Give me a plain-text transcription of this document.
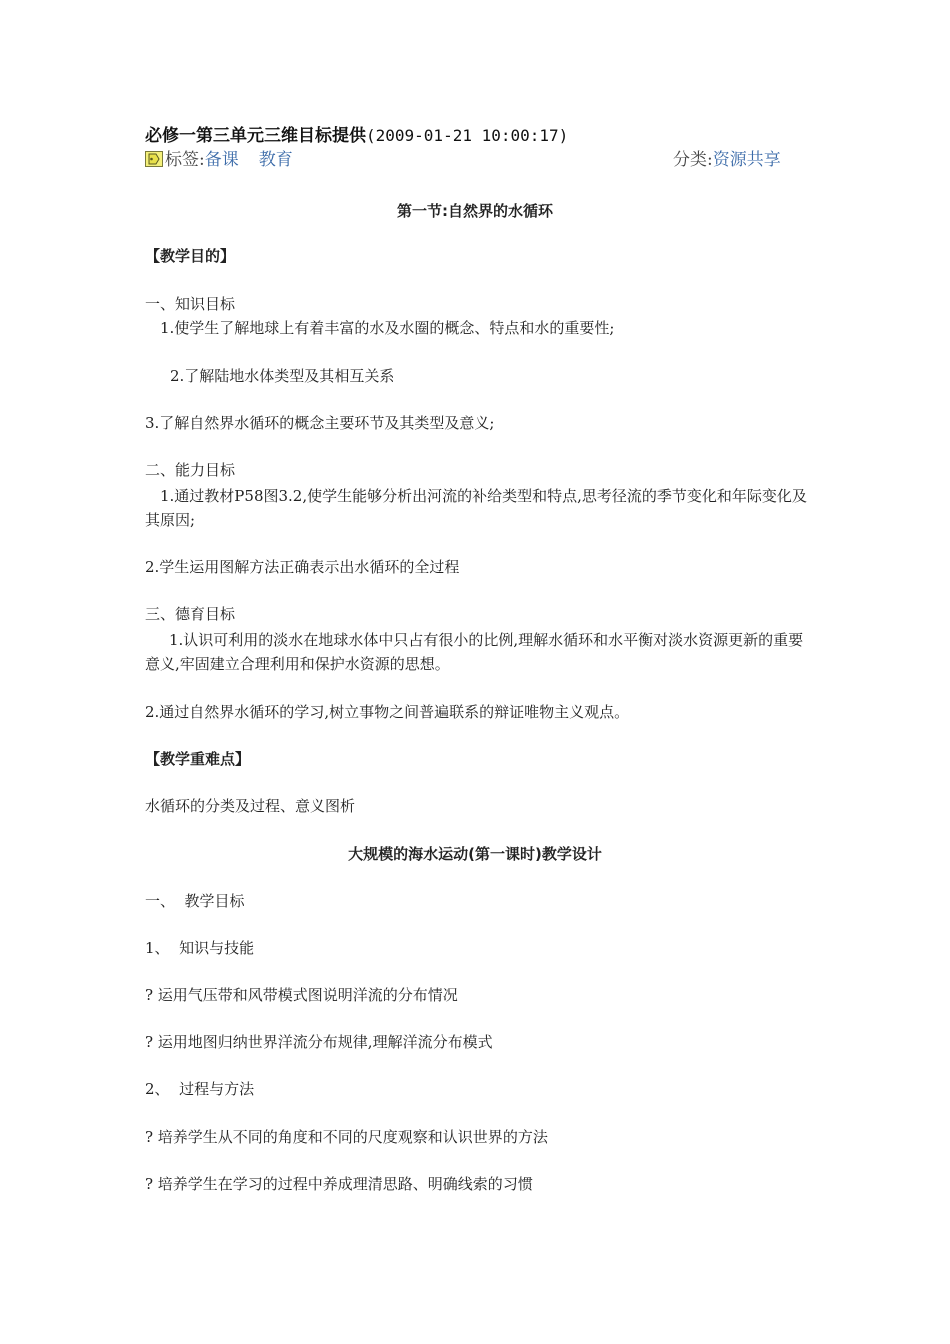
必修一第三单元三维目标提供(2009-01-21 10:00:17)
标签:备课 教育	分类:资源共享
第一节:自然界的水循环
【教学目的】
一、知识目标
1.使学生了解地球上有着丰富的水及水圈的概念、特点和水的重要性;
2.了解陆地水体类型及其相互关系
3.了解自然界水循环的概念主要环节及其类型及意义;
二、能力目标
1.通过教材P58图3.2,使学生能够分析出河流的补给类型和特点,思考径流的季节变化和年际变化及其原因;
2.学生运用图解方法正确表示出水循环的全过程
三、德育目标
1.认识可利用的淡水在地球水体中只占有很小的比例,理解水循环和水平衡对淡水资源更新的重要意义,牢固建立合理利用和保护水资源的思想。
2.通过自然界水循环的学习,树立事物之间普遍联系的辩证唯物主义观点。
【教学重难点】
水循环的分类及过程、意义图析
大规模的海水运动(第一课时)教学设计
一、  教学目标
1、  知识与技能
? 运用气压带和风带模式图说明洋流的分布情况
? 运用地图归纳世界洋流分布规律,理解洋流分布模式
2、  过程与方法
? 培养学生从不同的角度和不同的尺度观察和认识世界的方法
? 培养学生在学习的过程中养成理清思路、明确线索的习惯
